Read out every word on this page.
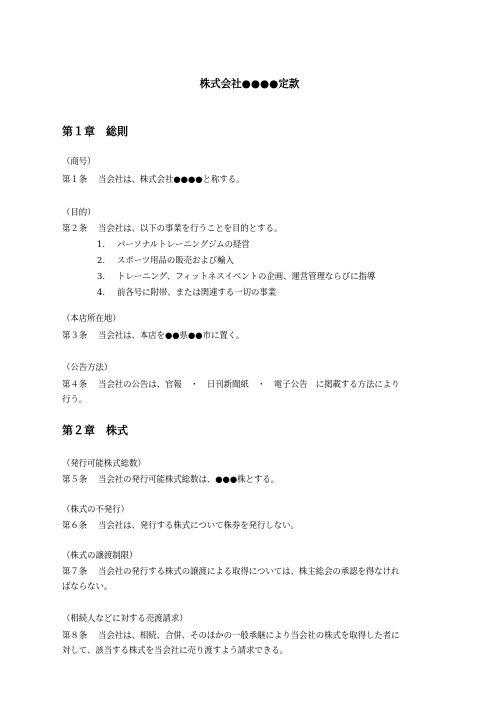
株式会社●●●●定款
第１章　総則
（商号）
第１条 当会社は、株式会社●●●●と称する。
（目的）
第２条 当会社は、以下の事業を行うことを目的とする。
1. パーソナルトレーニングジムの経営
2. スポーツ用品の販売および輸入
3. トレーニング、フィットネスイベントの企画、運営管理ならびに指導
4. 前各号に附帯、または関連する一切の事業
（本店所在地）
第３条 当会社は、本店を●●県●●市に置く。
（公告方法）
第４条 当会社の公告は、官報　・　日刊新聞紙　・　電子公告　に掲載する方法により
行う。
第２章　株式
（発行可能株式総数）
第５条 当会社の発行可能株式総数は、●●●株とする。
（株式の不発行）
第６条 当会社は、発行する株式について株券を発行しない。
（株式の譲渡制限）
第７条 当会社の発行する株式の譲渡による取得については、株主総会の承認を得なけれ
ばならない。
（相続人などに対する売渡請求）
第８条 当会社は、相続、合併、そのほかの一般承継により当会社の株式を取得した者に
対して、該当する株式を当会社に売り渡すよう請求できる。
